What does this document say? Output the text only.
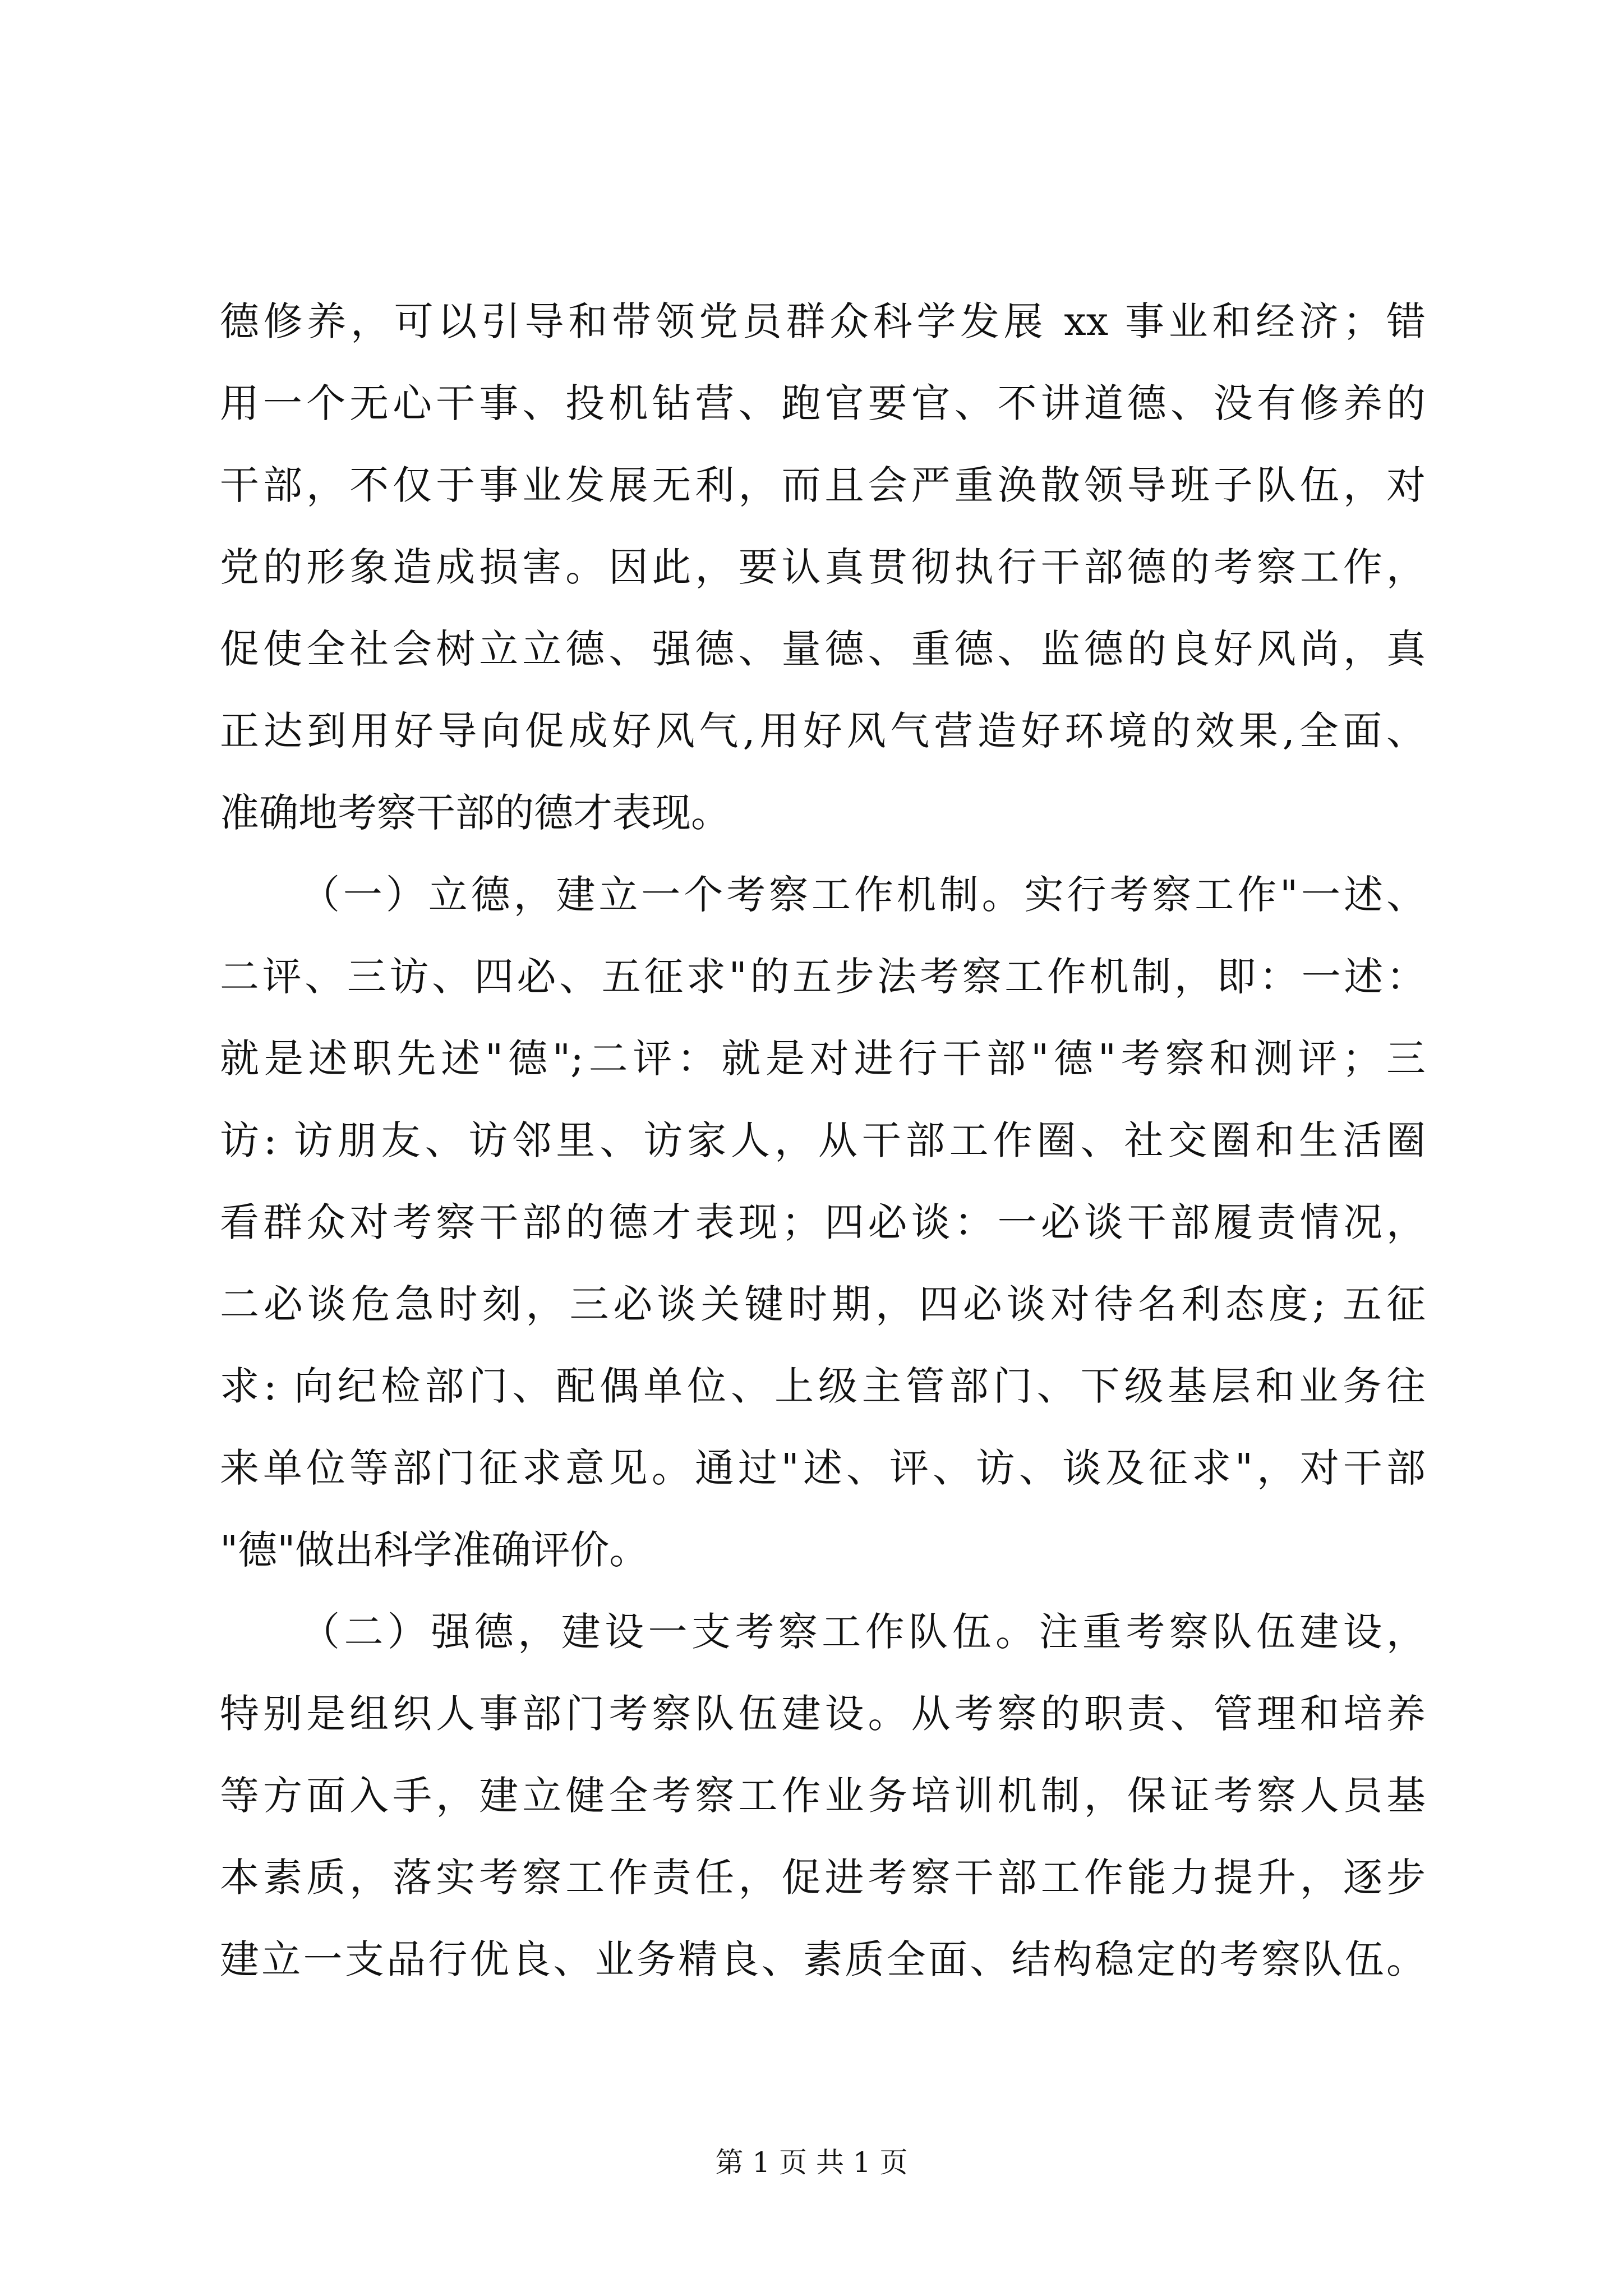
德修养，可以引导和带领党员群众科学发展 xx 事业和经济；错
用一个无心干事、投机钻营、跑官要官、不讲道德、没有修养的
干部，不仅于事业发展无利，而且会严重涣散领导班子队伍，对
党的形象造成损害。因此，要认真贯彻执行干部德的考察工作，
促使全社会树立立德、强德、量德、重德、监德的良好风尚，真
正达到用好导向促成好风气,用好风气营造好环境的效果,全面、
准确地考察干部的德才表现。
（一）立德，建立一个考察工作机制。实行考察工作"一述、
二评、三访、四必、五征求"的五步法考察工作机制，即：一述：
就是述职先述"德";二评：就是对进行干部"德"考察和测评；三
访: 访朋友、访邻里、访家人，从干部工作圈、社交圈和生活圈
看群众对考察干部的德才表现；四必谈：一必谈干部履责情况，
二必谈危急时刻，三必谈关键时期，四必谈对待名利态度; 五征
求: 向纪检部门、配偶单位、上级主管部门、下级基层和业务往
来单位等部门征求意见。通过"述、评、访、谈及征求"，对干部
"德"做出科学准确评价。
（二）强德，建设一支考察工作队伍。注重考察队伍建设，
特别是组织人事部门考察队伍建设。从考察的职责、管理和培养
等方面入手，建立健全考察工作业务培训机制，保证考察人员基
本素质，落实考察工作责任，促进考察干部工作能力提升，逐步
建立一支品行优良、业务精良、素质全面、结构稳定的考察队伍。
第 1 页 共 1 页
